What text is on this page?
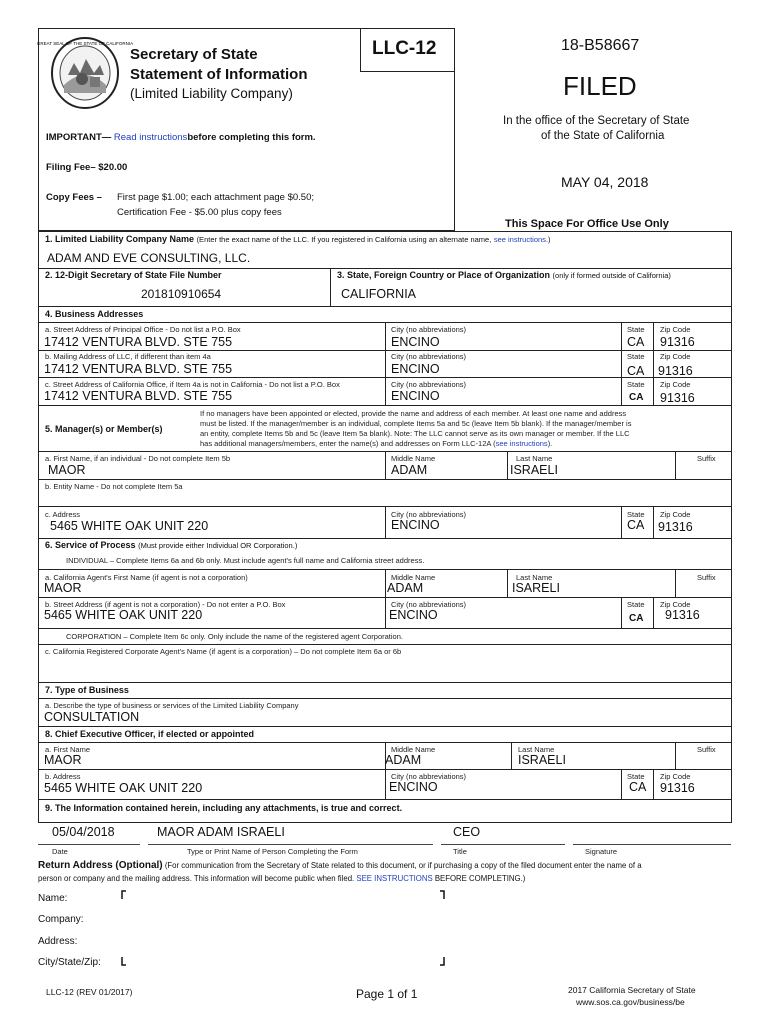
GREAT SEAL OF THE STATE OF CALIFORNIA
Secretary of State
Statement of Information
(Limited Liability Company)
LLC-12
IMPORTANT— Read instructionsbefore completing this form.
Filing Fee– $20.00
Copy Fees – First page $1.00; each attachment page $0.50;
Certification Fee - $5.00 plus copy fees
18-B58667
FILED
In the office of the Secretary of State
of the State of California
MAY 04, 2018
This Space For Office Use Only
1. Limited Liability Company Name (Enter the exact name of the LLC. If you registered in California using an alternate name, see instructions.)
ADAM AND EVE CONSULTING, LLC.
2. 12-Digit Secretary of State File Number
201810910654
3. State, Foreign Country or Place of Organization (only if formed outside of California)
CALIFORNIA
4. Business Addresses
a. Street Address of Principal Office - Do not list a P.O. Box	City (no abbreviations)	State Zip Code
17412 VENTURA BLVD. STE 755	ENCINO	CA 91316
b. Mailing Address of LLC, if different than item 4a	City (no abbreviations)	State Zip Code
17412 VENTURA BLVD. STE 755	ENCINO	CA 91316
c. Street Address of California Office, if Item 4a is not in California - Do not list a P.O. Box	City (no abbreviations)	State Zip Code
17412 VENTURA BLVD. STE 755	ENCINO	CA 91316
5. Manager(s) or Member(s)
If no managers have been appointed or elected, provide the name and address of each member. At least one name and address
must be listed. If the manager/member is an individual, complete Items 5a and 5c (leave Item 5b blank). If the manager/member is
an entity, complete Items 5b and 5c (leave Item 5a blank). Note: The LLC cannot serve as its own manager or member. If the LLC
has additional managers/members, enter the name(s) and addresses on Form LLC-12A (see instructions).
a. First Name, if an individual - Do not complete Item 5b	Middle Name	Last Name	Suffix
MAOR	ADAM	ISRAELI
b. Entity Name - Do not complete Item 5a
c. Address	City (no abbreviations)	State Zip Code
5465 WHITE OAK UNIT 220	ENCINO	CA 91316
6. Service of Process (Must provide either Individual OR Corporation.)
INDIVIDUAL – Complete Items 6a and 6b only. Must include agent's full name and California street address.
a. California Agent's First Name (if agent is not a corporation)	Middle Name	Last Name	Suffix
MAOR	ADAM	ISARELI
b. Street Address (if agent is not a corporation) - Do not enter a P.O. Box	City (no abbreviations)	State Zip Code
5465 WHITE OAK UNIT 220	ENCINO	CA 91316
CORPORATION – Complete Item 6c only. Only include the name of the registered agent Corporation.
c. California Registered Corporate Agent's Name (if agent is a corporation) – Do not complete Item 6a or 6b
7. Type of Business
a. Describe the type of business or services of the Limited Liability Company
CONSULTATION
8. Chief Executive Officer, if elected or appointed
a. First Name	Middle Name	Last Name	Suffix
MAOR	ADAM	ISRAELI
b. Address	City (no abbreviations)	State Zip Code
5465 WHITE OAK UNIT 220	ENCINO	CA 91316
9. The Information contained herein, including any attachments, is true and correct.
05/04/2018	MAOR ADAM ISRAELI	CEO
Date	Type or Print Name of Person Completing the Form	Title	Signature
Return Address (Optional) (For communication from the Secretary of State related to this document, or if purchasing a copy of the filed document enter the name of a
person or company and the mailing address. This information will become public when filed. SEE INSTRUCTIONS BEFORE COMPLETING.)
Name:
Company:
Address:
City/State/Zip:
LLC-12 (REV 01/2017)	Page 1 of 1	2017 California Secretary of State
www.sos.ca.gov/business/be
